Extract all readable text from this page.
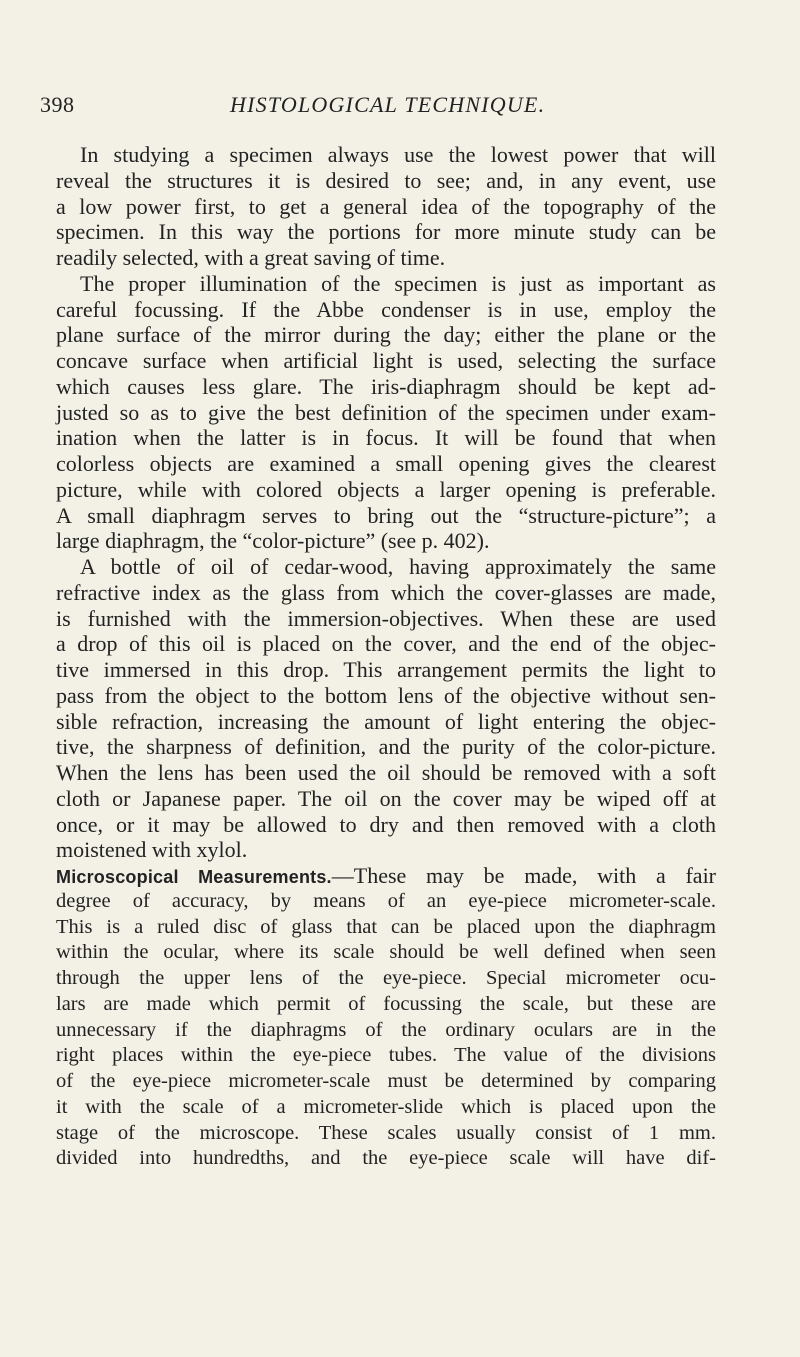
398	HISTOLOGICAL TECHNIQUE.
In studying a specimen always use the lowest power that will
reveal the structures it is desired to see; and, in any event, use
a low power first, to get a general idea of the topography of the
specimen. In this way the portions for more minute study can be
readily selected, with a great saving of time.
The proper illumination of the specimen is just as important as
careful focussing. If the Abbe condenser is in use, employ the
plane surface of the mirror during the day; either the plane or the
concave surface when artificial light is used, selecting the surface
which causes less glare. The iris-diaphragm should be kept ad-
justed so as to give the best definition of the specimen under exam-
ination when the latter is in focus. It will be found that when
colorless objects are examined a small opening gives the clearest
picture, while with colored objects a larger opening is preferable.
A small diaphragm serves to bring out the “structure-picture”; a
large diaphragm, the “color-picture” (see p. 402).
A bottle of oil of cedar-wood, having approximately the same
refractive index as the glass from which the cover-glasses are made,
is furnished with the immersion-objectives. When these are used
a drop of this oil is placed on the cover, and the end of the objec-
tive immersed in this drop. This arrangement permits the light to
pass from the object to the bottom lens of the objective without sen-
sible refraction, increasing the amount of light entering the objec-
tive, the sharpness of definition, and the purity of the color-picture.
When the lens has been used the oil should be removed with a soft
cloth or Japanese paper. The oil on the cover may be wiped off at
once, or it may be allowed to dry and then removed with a cloth
moistened with xylol.
Microscopical Measurements.—These may be made, with a fair
degree of accuracy, by means of an eye-piece micrometer-scale.
This is a ruled disc of glass that can be placed upon the diaphragm
within the ocular, where its scale should be well defined when seen
through the upper lens of the eye-piece. Special micrometer ocu-
lars are made which permit of focussing the scale, but these are
unnecessary if the diaphragms of the ordinary oculars are in the
right places within the eye-piece tubes. The value of the divisions
of the eye-piece micrometer-scale must be determined by comparing
it with the scale of a micrometer-slide which is placed upon the
stage of the microscope. These scales usually consist of 1 mm.
divided into hundredths, and the eye-piece scale will have dif-
